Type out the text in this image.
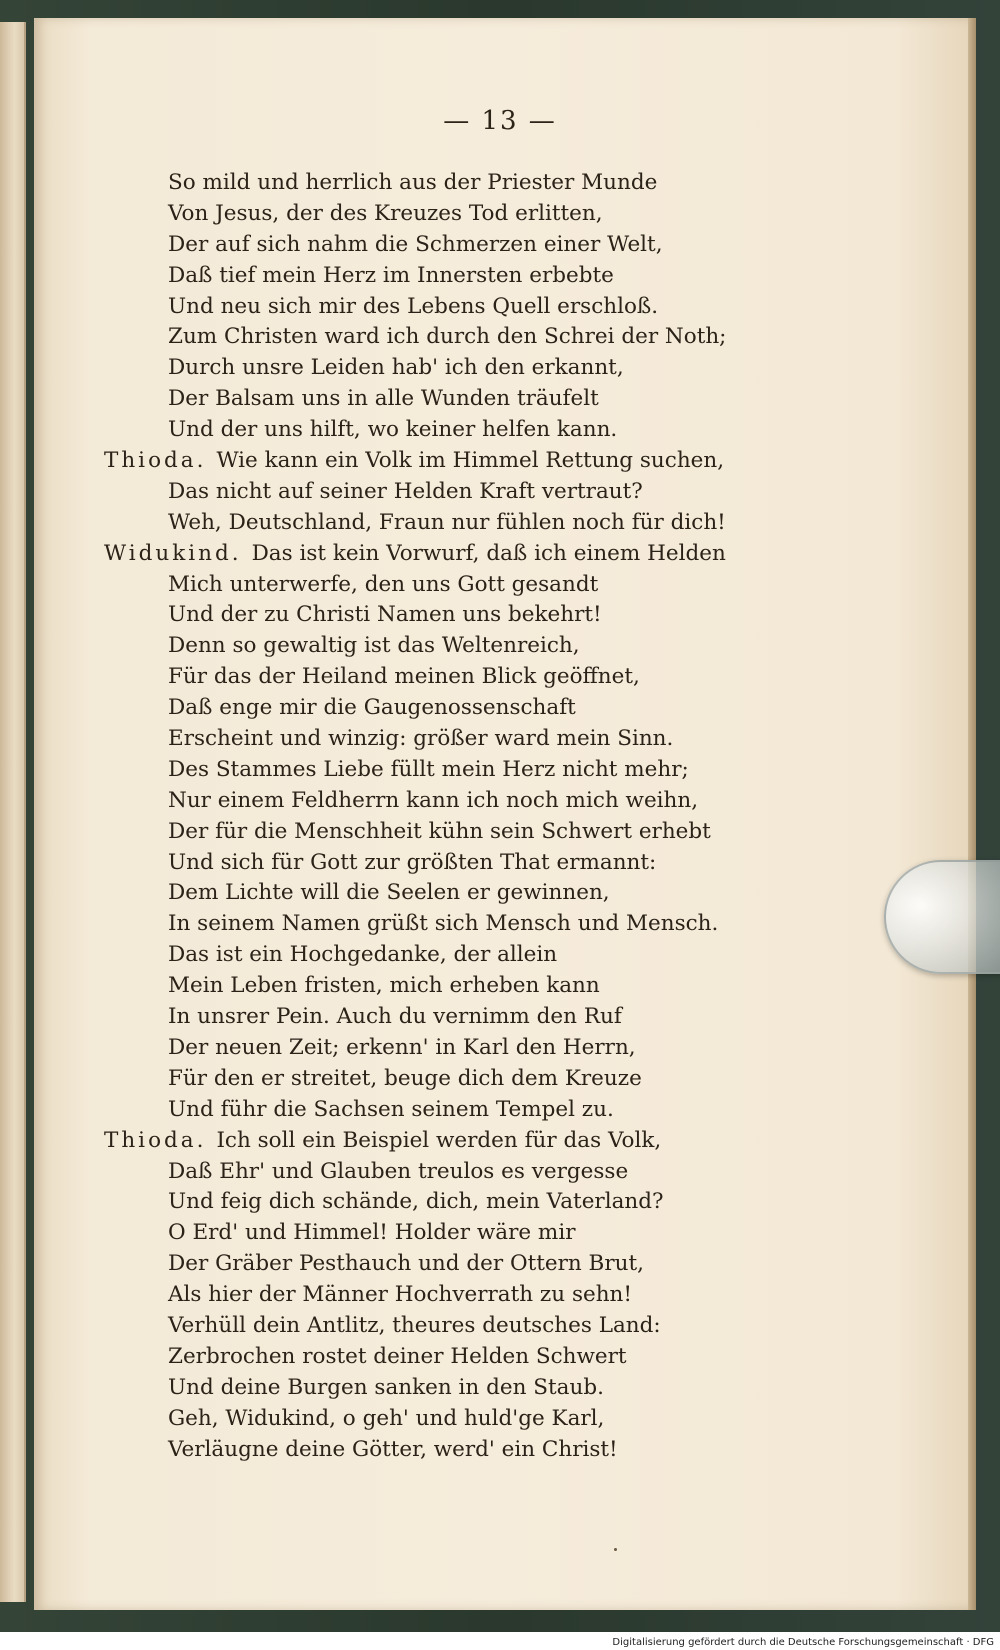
— 13 —
So mild und herrlich aus der Priester Munde
Von Jesus, der des Kreuzes Tod erlitten,
Der auf sich nahm die Schmerzen einer Welt,
Daß tief mein Herz im Innersten erbebte
Und neu sich mir des Lebens Quell erschloß.
Zum Christen ward ich durch den Schrei der Noth;
Durch unsre Leiden hab' ich den erkannt,
Der Balsam uns in alle Wunden träufelt
Und der uns hilft, wo keiner helfen kann.
Thioda. Wie kann ein Volk im Himmel Rettung suchen,
Das nicht auf seiner Helden Kraft vertraut?
Weh, Deutschland, Fraun nur fühlen noch für dich!
Widukind. Das ist kein Vorwurf, daß ich einem Helden
Mich unterwerfe, den uns Gott gesandt
Und der zu Christi Namen uns bekehrt!
Denn so gewaltig ist das Weltenreich,
Für das der Heiland meinen Blick geöffnet,
Daß enge mir die Gaugenossenschaft
Erscheint und winzig: größer ward mein Sinn.
Des Stammes Liebe füllt mein Herz nicht mehr;
Nur einem Feldherrn kann ich noch mich weihn,
Der für die Menschheit kühn sein Schwert erhebt
Und sich für Gott zur größten That ermannt:
Dem Lichte will die Seelen er gewinnen,
In seinem Namen grüßt sich Mensch und Mensch.
Das ist ein Hochgedanke, der allein
Mein Leben fristen, mich erheben kann
In unsrer Pein. Auch du vernimm den Ruf
Der neuen Zeit; erkenn' in Karl den Herrn,
Für den er streitet, beuge dich dem Kreuze
Und führ die Sachsen seinem Tempel zu.
Thioda. Ich soll ein Beispiel werden für das Volk,
Daß Ehr' und Glauben treulos es vergesse
Und feig dich schände, dich, mein Vaterland?
O Erd' und Himmel! Holder wäre mir
Der Gräber Pesthauch und der Ottern Brut,
Als hier der Männer Hochverrath zu sehn!
Verhüll dein Antlitz, theures deutsches Land:
Zerbrochen rostet deiner Helden Schwert
Und deine Burgen sanken in den Staub.
Geh, Widukind, o geh' und huld'ge Karl,
Verläugne deine Götter, werd' ein Christ!
Digitalisierung gefördert durch die Deutsche Forschungsgemeinschaft · DFG
